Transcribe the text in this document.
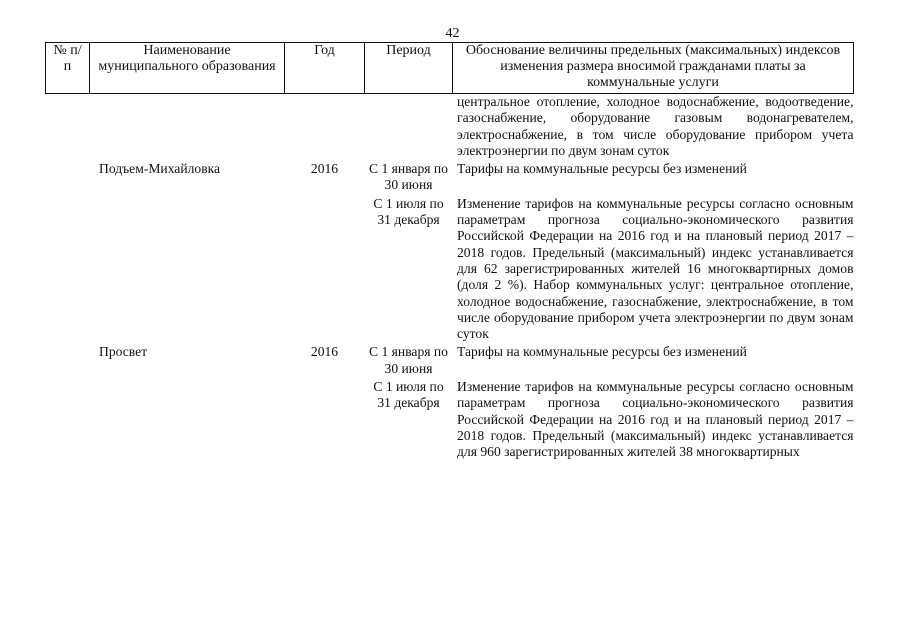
42
№ п/п	Наименование муниципального образования	Год	Период	Обоснование величины предельных (максимальных) индексов изменения размера вносимой гражданами платы за коммунальные услуги

				центральное отопление, холодное водоснабжение, водоотведение, газоснабжение, оборудование газовым водонагревателем, электроснабжение, в том числе оборудование прибором учета электроэнергии по двум зонам суток

	Подъем-Михайловка	2016	С 1 января по 30 июня	Тарифы на коммунальные ресурсы без изменений

			С 1 июля по 31 декабря	Изменение тарифов на коммунальные ресурсы согласно основным параметрам прогноза социально-экономического развития Российской Федерации на 2016 год и на плановый период 2017 – 2018 годов. Предельный (максимальный) индекс устанавливается для 62 зарегистрированных жителей 16 многоквартирных домов (доля 2 %). Набор коммунальных услуг: центральное отопление, холодное водоснабжение, газоснабжение, электроснабжение, в том числе оборудование прибором учета электроэнергии по двум зонам суток

	Просвет	2016	С 1 января по 30 июня	Тарифы на коммунальные ресурсы без изменений

			С 1 июля по 31 декабря	Изменение тарифов на коммунальные ресурсы согласно основным параметрам прогноза социально-экономического развития Российской Федерации на 2016 год и на плановый период 2017 – 2018 годов. Предельный (максимальный) индекс устанавливается для 960 зарегистрированных жителей 38 многоквартирных
